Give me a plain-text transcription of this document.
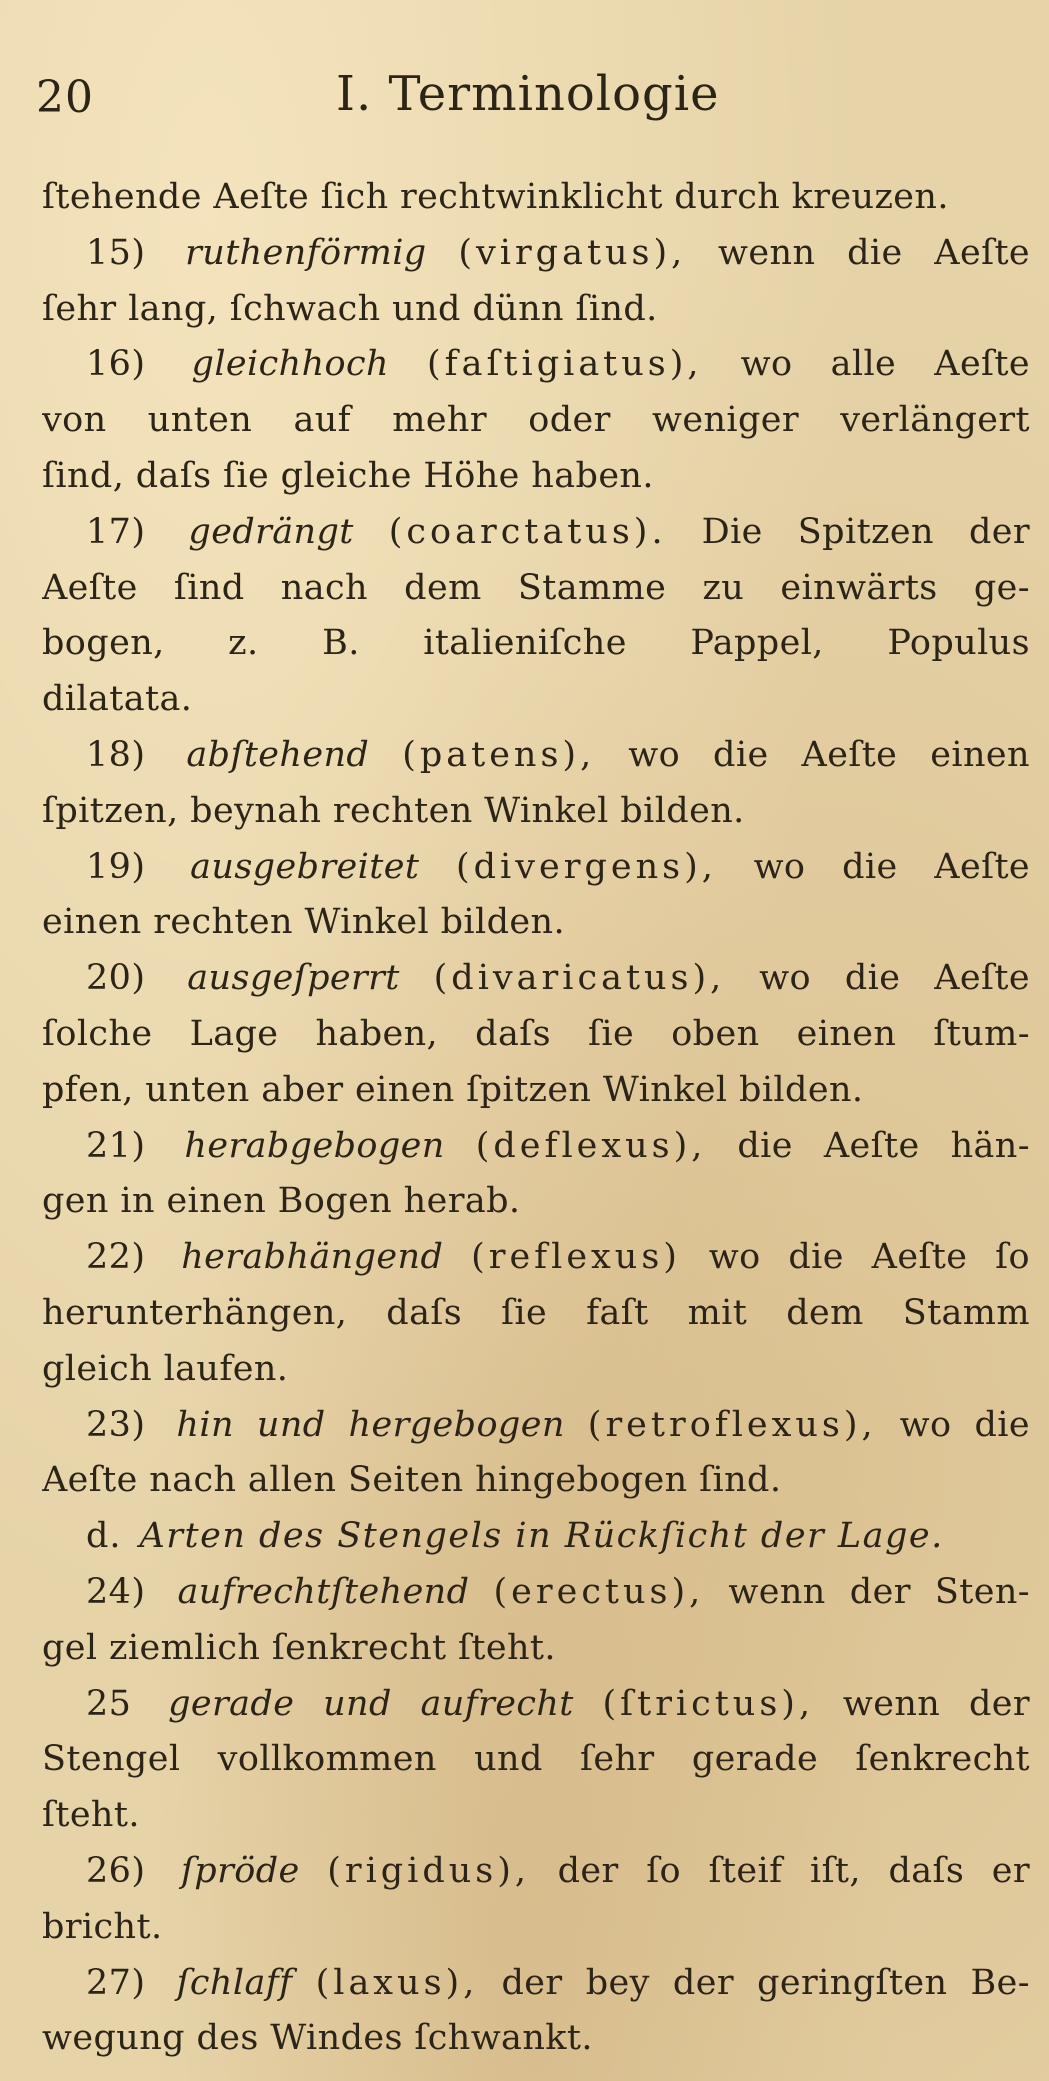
20	I. Terminologie
ſtehende Aeſte ſich rechtwinklicht durch kreuzen.
15) ruthenförmig (virgatus), wenn die Aeſte
ſehr lang, ſchwach und dünn ſind.
16) gleichhoch (faſtigiatus), wo alle Aeſte
von unten auf mehr oder weniger verlängert
ſind, daſs ſie gleiche Höhe haben.
17) gedrängt (coarctatus). Die Spitzen der
Aeſte ſind nach dem Stamme zu einwärts ge-
bogen, z. B. italieniſche Pappel, Populus
dilatata.
18) abſtehend (patens), wo die Aeſte einen
ſpitzen, beynah rechten Winkel bilden.
19) ausgebreitet (divergens), wo die Aeſte
einen rechten Winkel bilden.
20) ausgeſperrt (divaricatus), wo die Aeſte
ſolche Lage haben, daſs ſie oben einen ſtum-
pfen, unten aber einen ſpitzen Winkel bilden.
21) herabgebogen (deflexus), die Aeſte hän-
gen in einen Bogen herab.
22) herabhängend (reflexus) wo die Aeſte ſo
herunterhängen, daſs ſie faſt mit dem Stamm
gleich laufen.
23) hin und hergebogen (retroflexus), wo die
Aeſte nach allen Seiten hingebogen ſind.
d. Arten des Stengels in Rückſicht der Lage.
24) aufrechtſtehend (erectus), wenn der Sten-
gel ziemlich ſenkrecht ſteht.
25 gerade und aufrecht (ſtrictus), wenn der
Stengel vollkommen und ſehr gerade ſenkrecht
ſteht.
26) ſpröde (rigidus), der ſo ſteif iſt, daſs er
bricht.
27) ſchlaff (laxus), der bey der geringſten Be-
wegung des Windes ſchwankt.
